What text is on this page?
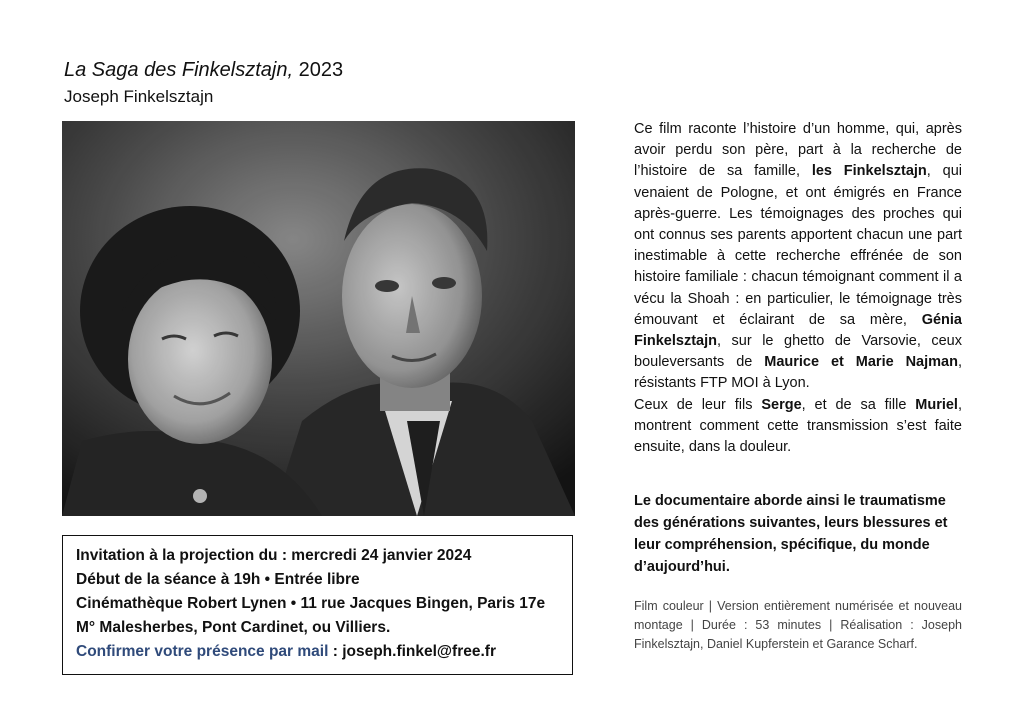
La Saga des Finkelsztajn, 2023
Joseph Finkelsztajn
Invitation à la projection du : mercredi 24 janvier 2024
Début de la séance à 19h • Entrée libre
Cinémathèque Robert Lynen • 11 rue Jacques Bingen, Paris 17e
M° Malesherbes, Pont Cardinet, ou Villiers.
Confirmer votre présence par mail : joseph.finkel@free.fr
Ce film raconte l’histoire d’un homme, qui, après avoir perdu son père, part à la recherche de l’histoire de sa famille, les Finkelsztajn, qui venaient de Pologne, et ont émigrés en France après-guerre. Les témoignages des proches qui ont connus ses parents apportent chacun une part inestimable à cette recherche effrénée de son histoire familiale : chacun témoignant comment il a vécu la Shoah : en particulier, le témoignage très émouvant et éclairant de sa mère, Génia Finkelsztajn, sur le ghetto de Varsovie, ceux bouleversants de Maurice et Marie Najman, résistants FTP MOI à Lyon.
Ceux de leur fils Serge, et de sa fille Muriel, montrent comment cette transmission s’est faite ensuite, dans la douleur.
Le documentaire aborde ainsi le traumatisme des générations suivantes, leurs blessures et leur compréhension, spécifique, du monde d’aujourd’hui.
Film couleur | Version entièrement numérisée et nouveau montage | Durée : 53 minutes | Réalisation : Joseph Finkelsztajn, Daniel Kupferstein et Garance Scharf.
